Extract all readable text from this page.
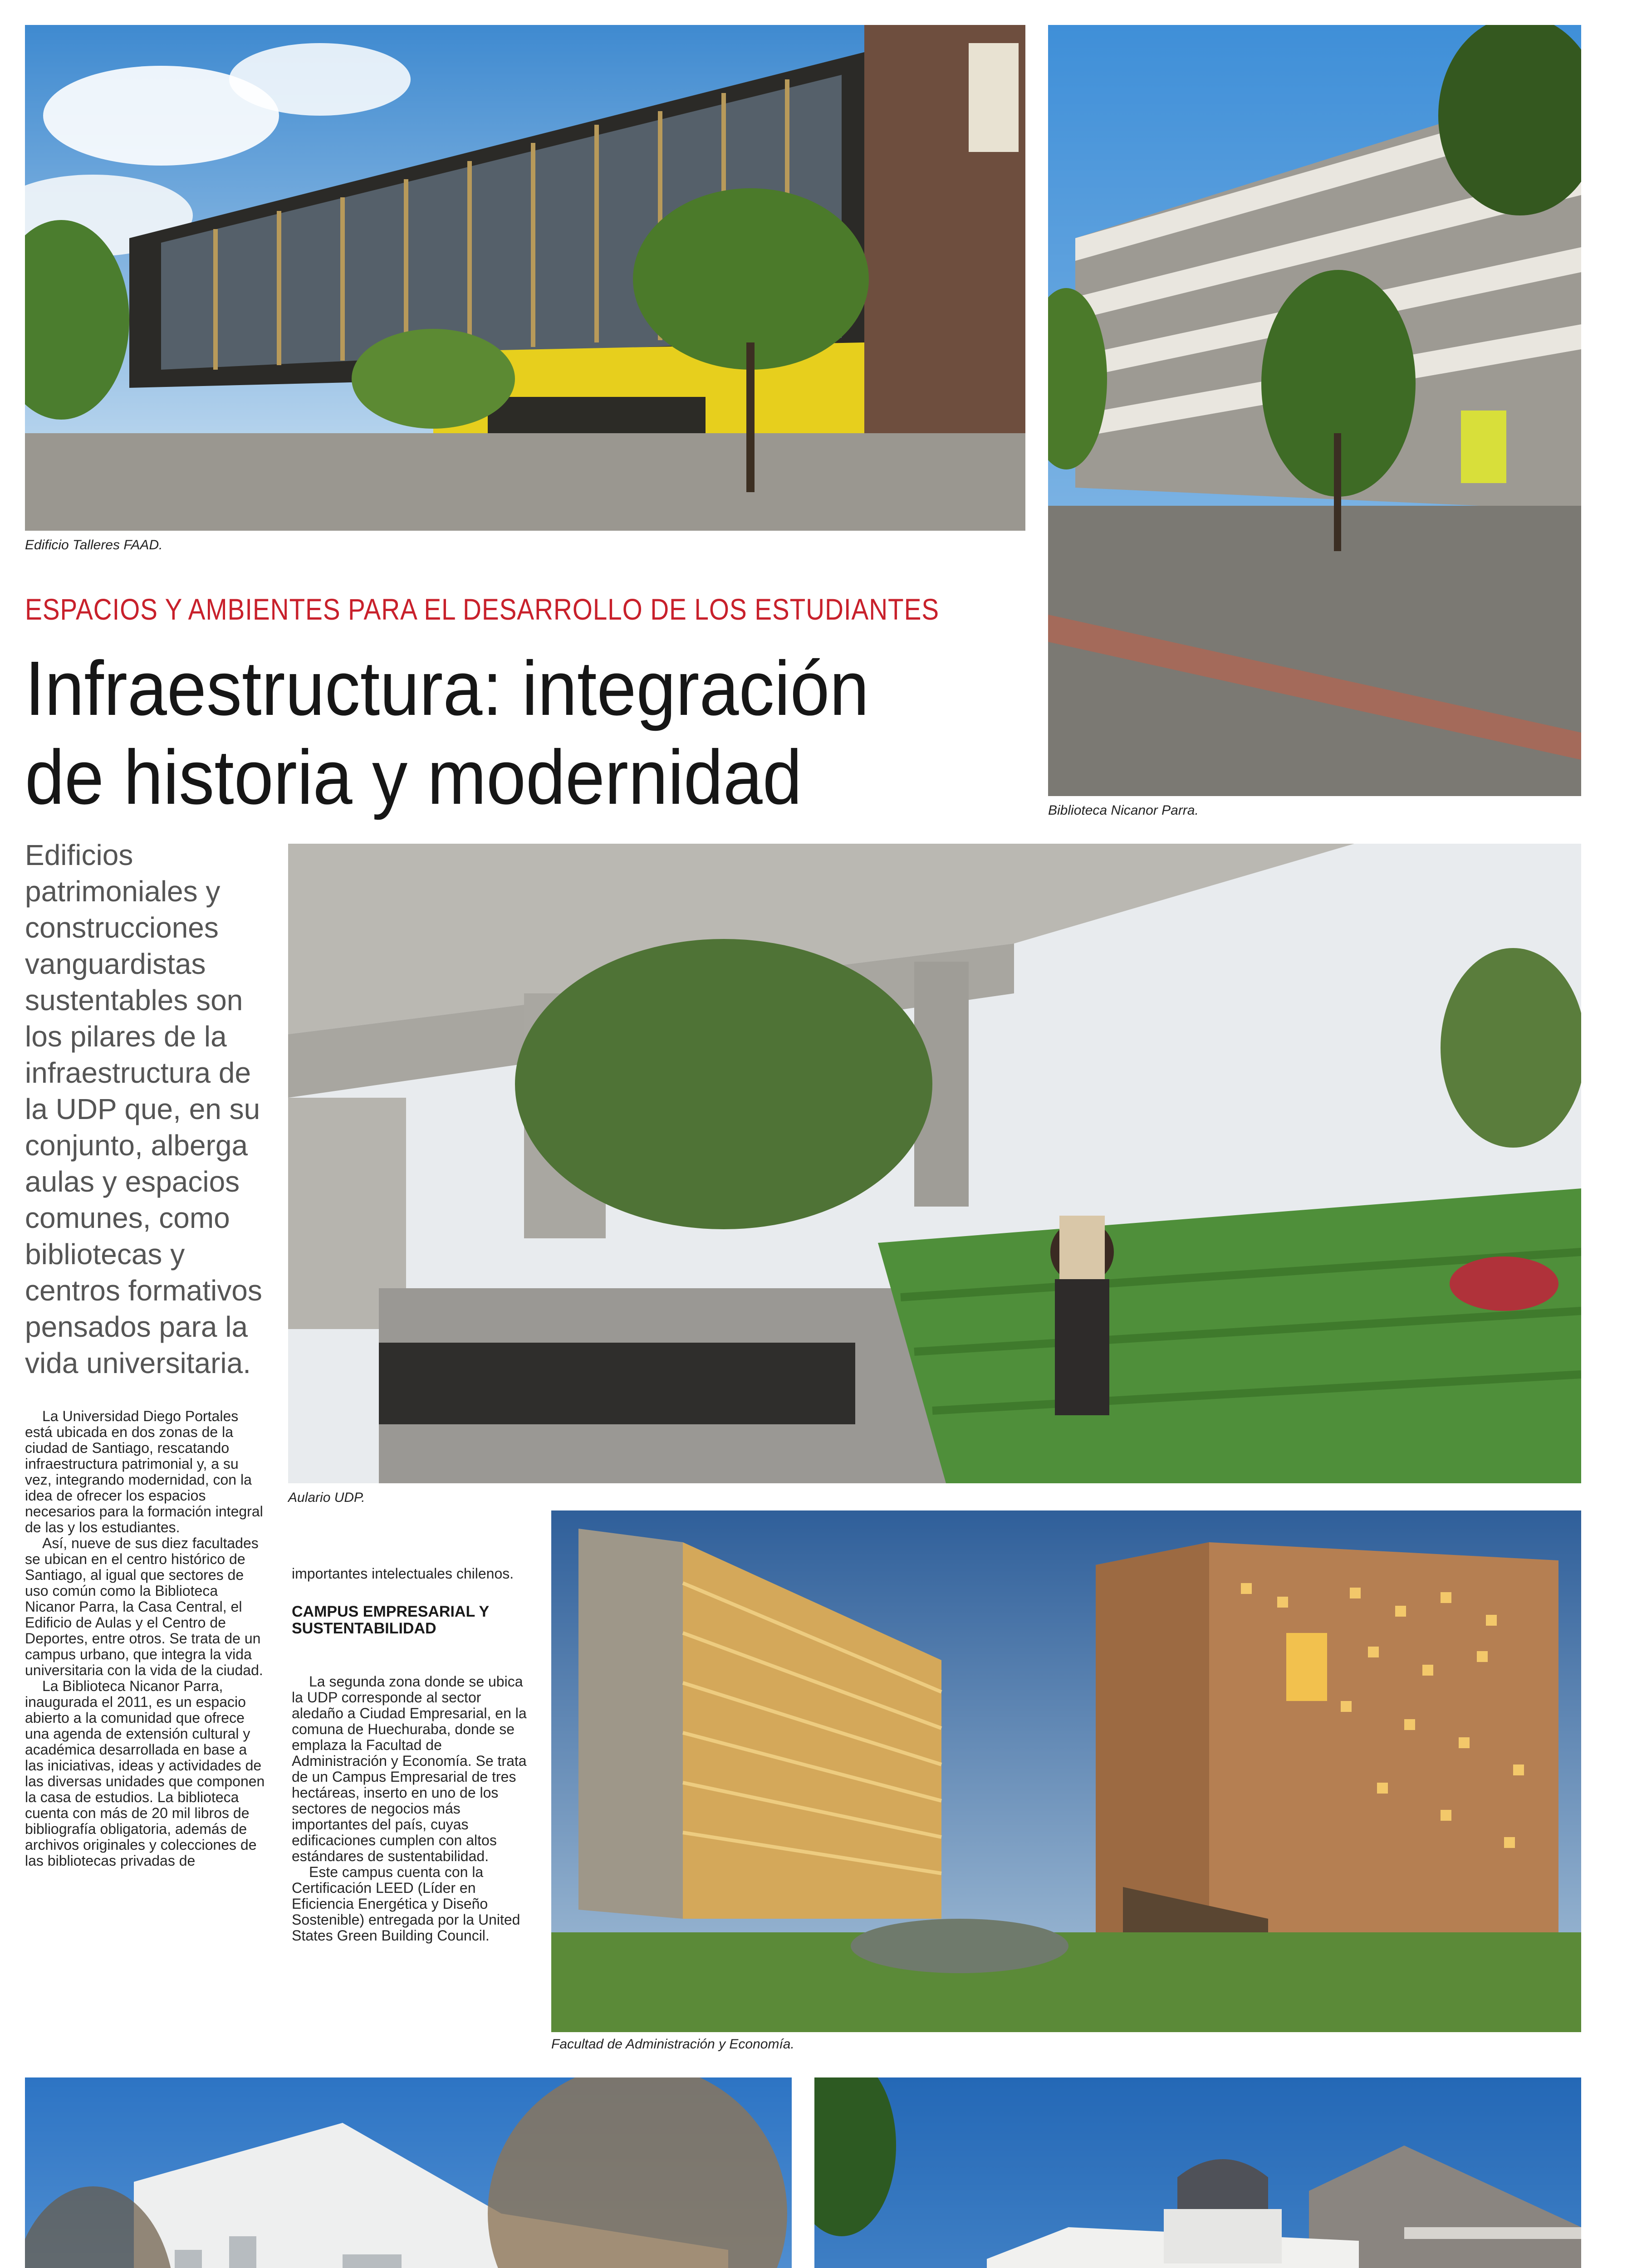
Edificio Talleres FAAD.
Biblioteca Nicanor Parra.
ESPACIOS Y AMBIENTES PARA EL DESARROLLO DE LOS ESTUDIANTES
Infraestructura: integración
de historia y modernidad
Edificios
patrimoniales y
construcciones
vanguardistas
sustentables son
los pilares de la
infraestructura de
la UDP que, en su
conjunto, alberga
aulas y espacios
comunes, como
bibliotecas y
centros formativos
pensados para la
vida universitaria.
Aulario UDP.

La Universidad Diego Portales está ubicada en dos zonas de la ciudad de Santiago, rescatando infraestructura patrimonial y, a su vez, integrando modernidad, con la idea de ofrecer los espacios necesarios para la formación integral de las y los estudiantes.

Así, nueve de sus diez facultades se ubican en el centro histórico de Santiago, al igual que sectores de uso común como la Biblioteca Nicanor Parra, la Casa Central, el Edificio de Aulas y el Centro de Deportes, entre otros. Se trata de un campus urbano, que integra la vida universitaria con la vida de la ciudad.

La Biblioteca Nicanor Parra, inaugurada el 2011, es un espacio abierto a la comunidad que ofrece una agenda de extensión cultural y académica desarrollada en base a las iniciativas, ideas y actividades de las diversas unidades que componen la casa de estudios. La biblioteca cuenta con más de 20 mil libros de bibliografía obligatoria, además de archivos originales y colecciones de las bibliotecas privadas de

importantes intelectuales chilenos.

CAMPUS EMPRESARIAL Y SUSTENTABILIDAD

La segunda zona donde se ubica la UDP corresponde al sector aledaño a Ciudad Empresarial, en la comuna de Huechuraba, donde se emplaza la Facultad de Administración y Economía. Se trata de un Campus Empresarial de tres hectáreas, inserto en uno de los sectores de negocios más importantes del país, cuyas edificaciones cumplen con altos estándares de sustentabilidad.

Este campus cuenta con la Certificación LEED (Líder en Eficiencia Energética y Diseño Sostenible) entregada por la United States Green Building Council.

Facultad de Administración y Economía.
